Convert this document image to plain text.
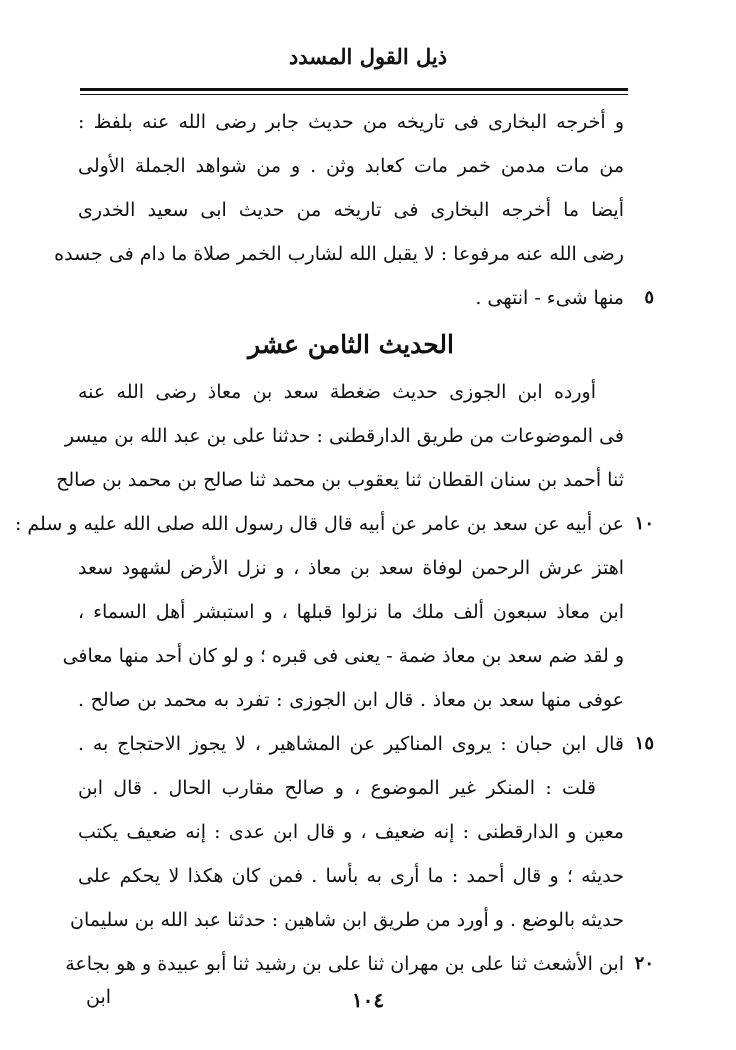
ذيل القول المسدد
و أخرجه البخارى فى تاريخه من حديث جابر رضى الله عنه بلفظ :
من مات مدمن خمر مات كعابد وثن . و من شواهد الجملة الأولى
أيضا ما أخرجه البخارى فى تاريخه من حديث ابى سعيد الخدرى
رضى الله عنه مرفوعا : لا يقبل الله لشارب الخمر صلاة ما دام فى جسده
٥
منها شىء - انتهى .
الحديث الثامن عشر
أورده ابن الجوزى حديث ضغطة سعد بن معاذ رضى الله عنه
فى الموضوعات من طريق الدارقطنى : حدثنا على بن عبد الله بن ميسر
ثنا أحمد بن سنان القطان ثنا يعقوب بن محمد ثنا صالح بن محمد بن صالح
١٠
عن أبيه عن سعد بن عامر عن أبيه قال قال رسول الله صلى الله عليه و سلم :
اهتز عرش الرحمن لوفاة سعد بن معاذ ، و نزل الأرض لشهود سعد
ابن معاذ سبعون ألف ملك ما نزلوا قبلها ، و استبشر أهل السماء ،
و لقد ضم سعد بن معاذ ضمة - يعنى فى قبره ؛ و لو كان أحد منها معافى
عوفى منها سعد بن معاذ . قال ابن الجوزى : تفرد به محمد بن صالح .
١٥
قال ابن حبان : يروى المناكير عن المشاهير ، لا يجوز الاحتجاج به .
قلت : المنكر غير الموضوع ، و صالح مقارب الحال . قال ابن
معين و الدارقطنى : إنه ضعيف ، و قال ابن عدى : إنه ضعيف يكتب
حديثه ؛ و قال أحمد : ما أرى به بأسا . فمن كان هكذا لا يحكم على
حديثه بالوضع . و أورد من طريق ابن شاهين : حدثنا عبد الله بن سليمان
٢٠
ابن الأشعث ثنا على بن مهران ثنا على بن رشيد ثنا أبو عبيدة و هو بجاعة
ابن	١٠٤
